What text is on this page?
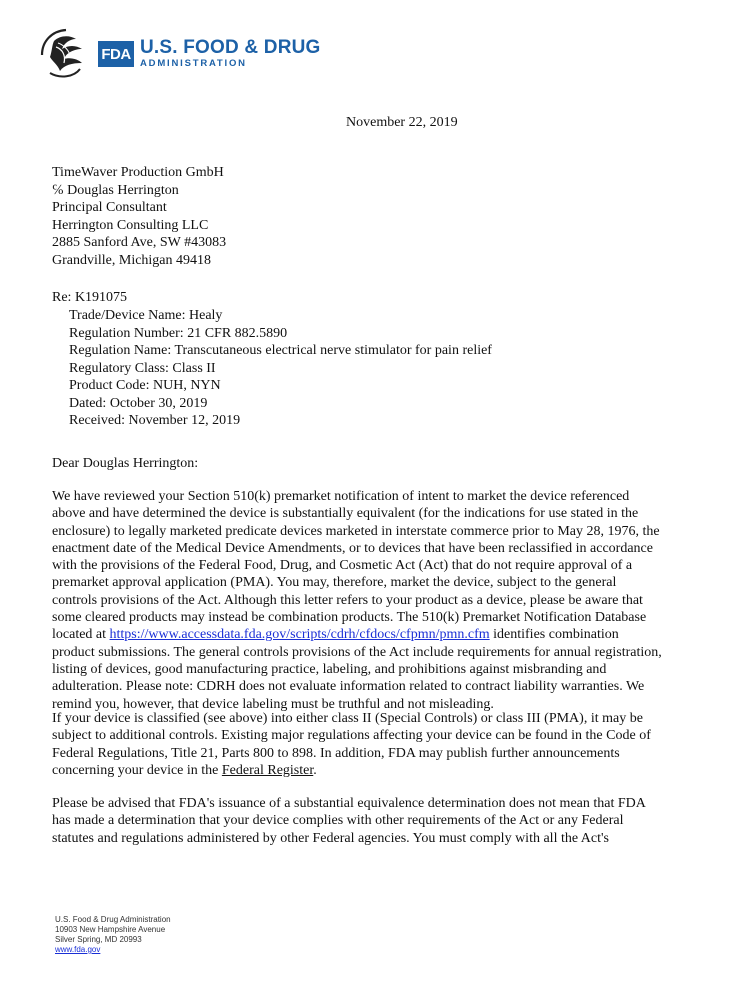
FDA U.S. FOOD & DRUG
ADMINISTRATION
November 22, 2019
TimeWaver Production GmbH
℅ Douglas Herrington
Principal Consultant
Herrington Consulting LLC
2885 Sanford Ave, SW #43083
Grandville, Michigan 49418
Re: K191075
Trade/Device Name: Healy
Regulation Number: 21 CFR 882.5890
Regulation Name: Transcutaneous electrical nerve stimulator for pain relief
Regulatory Class: Class II
Product Code: NUH, NYN
Dated: October 30, 2019
Received: November 12, 2019
Dear Douglas Herrington:
We have reviewed your Section 510(k) premarket notification of intent to market the device referenced
above and have determined the device is substantially equivalent (for the indications for use stated in the
enclosure) to legally marketed predicate devices marketed in interstate commerce prior to May 28, 1976, the
enactment date of the Medical Device Amendments, or to devices that have been reclassified in accordance
with the provisions of the Federal Food, Drug, and Cosmetic Act (Act) that do not require approval of a
premarket approval application (PMA). You may, therefore, market the device, subject to the general
controls provisions of the Act. Although this letter refers to your product as a device, please be aware that
some cleared products may instead be combination products. The 510(k) Premarket Notification Database
located at https://www.accessdata.fda.gov/scripts/cdrh/cfdocs/cfpmn/pmn.cfm identifies combination
product submissions. The general controls provisions of the Act include requirements for annual registration,
listing of devices, good manufacturing practice, labeling, and prohibitions against misbranding and
adulteration. Please note: CDRH does not evaluate information related to contract liability warranties. We
remind you, however, that device labeling must be truthful and not misleading.
If your device is classified (see above) into either class II (Special Controls) or class III (PMA), it may be
subject to additional controls. Existing major regulations affecting your device can be found in the Code of
Federal Regulations, Title 21, Parts 800 to 898. In addition, FDA may publish further announcements
concerning your device in the Federal Register.
Please be advised that FDA's issuance of a substantial equivalence determination does not mean that FDA
has made a determination that your device complies with other requirements of the Act or any Federal
statutes and regulations administered by other Federal agencies. You must comply with all the Act's
U.S. Food & Drug Administration
10903 New Hampshire Avenue
Silver Spring, MD 20993
www.fda.gov
